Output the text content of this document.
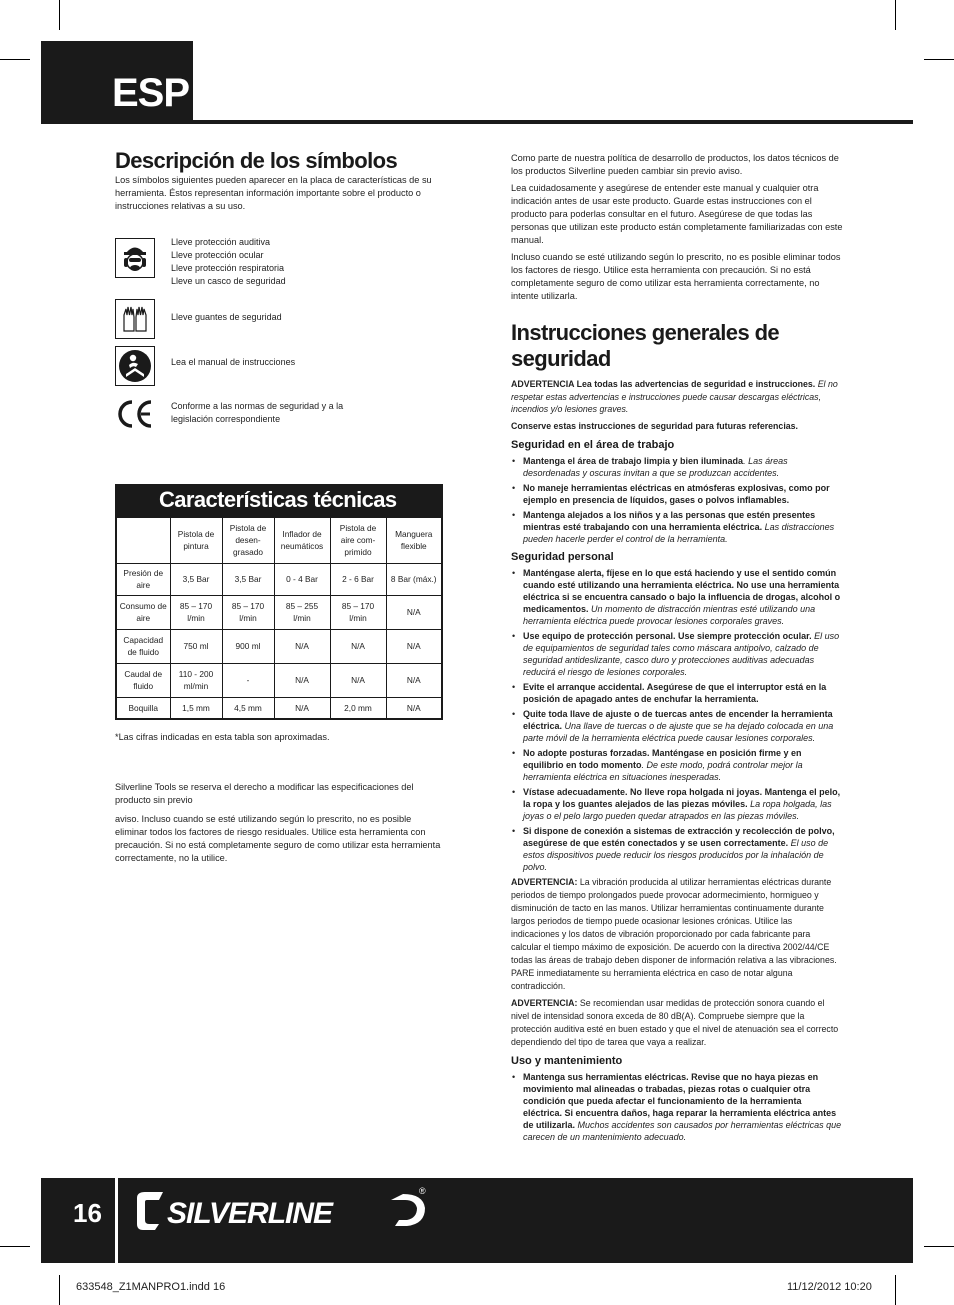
ESP
Descripción de los símbolos

Los símbolos siguientes pueden aparecer en la placa de características de su herramienta. Éstos representan información importante sobre el producto o instrucciones relativas a su uso.

Lleve protección auditiva
Lleve protección ocular
Lleve protección respiratoria
Lleve un casco de seguridad
Lleve guantes de seguridad
Lea el manual de instrucciones
Conforme a las normas de seguridad y a la
legislación correspondiente
Características técnicas
	Pistola de pintura	Pistola de desen-grasado	Inflador de neumáticos	Pistola de aire com-primido	Manguera flexible
Presión de aire	3,5 Bar	3,5 Bar	0 - 4 Bar	2 - 6 Bar	8 Bar (máx.)
Consumo de aire	85 – 170 l/min	85 – 170 l/min	85 – 255 l/min	85 – 170 l/min	N/A
Capacidad de fluido	750 ml	900 ml	N/A	N/A	N/A
Caudal de fluido	110 - 200 ml/min	-	N/A	N/A	N/A
Boquilla	1,5 mm	4,5 mm	N/A	2,0 mm	N/A
*Las cifras indicadas en esta tabla son aproximadas.

Silverline Tools se reserva el derecho a modificar las especificaciones del producto sin previo

aviso. Incluso cuando se esté utilizando según lo prescrito, no es posible eliminar todos los factores de riesgo residuales. Utilice esta herramienta con precaución. Si no está completamente seguro de como utilizar esta herramienta correctamente, no la utilice.

Como parte de nuestra política de desarrollo de productos, los datos técnicos de los productos Silverline pueden cambiar sin previo aviso.

Lea cuidadosamente y asegúrese de entender este manual y cualquier otra indicación antes de usar este producto. Guarde estas instrucciones con el producto para poderlas consultar en el futuro. Asegúrese de que todas las personas que utilizan este producto están completamente familiarizadas con este manual.

Incluso cuando se esté utilizando según lo prescrito, no es posible eliminar todos los factores de riesgo. Utilice esta herramienta con precaución. Si no está completamente seguro de como utilizar esta herramienta correctamente, no intente utilizarla.

Instrucciones generales de
seguridad

ADVERTENCIA Lea todas las advertencias de seguridad e instrucciones. El no respetar estas advertencias e instrucciones puede causar descargas eléctricas, incendios y/o lesiones graves.

Conserve estas instrucciones de seguridad para futuras referencias.

Seguridad en el área de trabajo
• Mantenga el área de trabajo limpia y bien iluminada. Las áreas desordenadas y oscuras invitan a que se produzcan accidentes.
• No maneje herramientas eléctricas en atmósferas explosivas, como por ejemplo en presencia de líquidos, gases o polvos inflamables.
• Mantenga alejados a los niños y a las personas que estén presentes mientras esté trabajando con una herramienta eléctrica. Las distracciones pueden hacerle perder el control de la herramienta.
Seguridad personal
• Manténgase alerta, fíjese en lo que está haciendo y use el sentido común cuando esté utilizando una herramienta eléctrica. No use una herramienta eléctrica si se encuentra cansado o bajo la influencia de drogas, alcohol o medicamentos. Un momento de distracción mientras esté utilizando una herramienta eléctrica puede provocar lesiones corporales graves.
• Use equipo de protección personal. Use siempre protección ocular. El uso de equipamientos de seguridad tales como máscara antipolvo, calzado de seguridad antideslizante, casco duro y protecciones auditivas adecuadas reducirá el riesgo de lesiones corporales.
• Evite el arranque accidental. Asegúrese de que el interruptor está en la posición de apagado antes de enchufar la herramienta.
• Quite toda llave de ajuste o de tuercas antes de encender la herramienta eléctrica. Una llave de tuercas o de ajuste que se ha dejado colocada en una parte móvil de la herramienta eléctrica puede causar lesiones corporales.
• No adopte posturas forzadas. Manténgase en posición firme y en equilibrio en todo momento. De este modo, podrá controlar mejor la herramienta eléctrica en situaciones inesperadas.
• Vístase adecuadamente. No lleve ropa holgada ni joyas. Mantenga el pelo, la ropa y los guantes alejados de las piezas móviles. La ropa holgada, las joyas o el pelo largo pueden quedar atrapados en las piezas móviles.
• Si dispone de conexión a sistemas de extracción y recolección de polvo, asegúrese de que estén conectados y se usen correctamente. El uso de estos dispositivos puede reducir los riesgos producidos por la inhalación de polvo.

ADVERTENCIA: La vibración producida al utilizar herramientas eléctricas durante periodos de tiempo prolongados puede provocar adormecimiento, hormigueo y disminución de tacto en las manos. Utilizar herramientas continuamente durante largos periodos de tiempo puede ocasionar lesiones crónicas. Utilice las indicaciones y los datos de vibración proporcionado por cada fabricante para calcular el tiempo máximo de exposición. De acuerdo con la directiva 2002/44/CE todas las áreas de trabajo deben disponer de información relativa a las vibraciones. PARE inmediatamente su herramienta eléctrica en caso de notar alguna contradicción.

ADVERTENCIA: Se recomiendan usar medidas de protección sonora cuando el nivel de intensidad sonora exceda de 80 dB(A). Compruebe siempre que la protección auditiva esté en buen estado y que el nivel de atenuación sea el correcto dependiendo del tipo de tarea que vaya a realizar.

Uso y mantenimiento
• Mantenga sus herramientas eléctricas. Revise que no haya piezas en movimiento mal alineadas o trabadas, piezas rotas o cualquier otra condición que pueda afectar el funcionamiento de la herramienta eléctrica. Si encuentra daños, haga reparar la herramienta eléctrica antes de utilizarla. Muchos accidentes son causados por herramientas eléctricas que carecen de un mantenimiento adecuado.
16 SILVERLINE
®
633548_Z1MANPRO1.indd 16	11/12/2012 10:20
